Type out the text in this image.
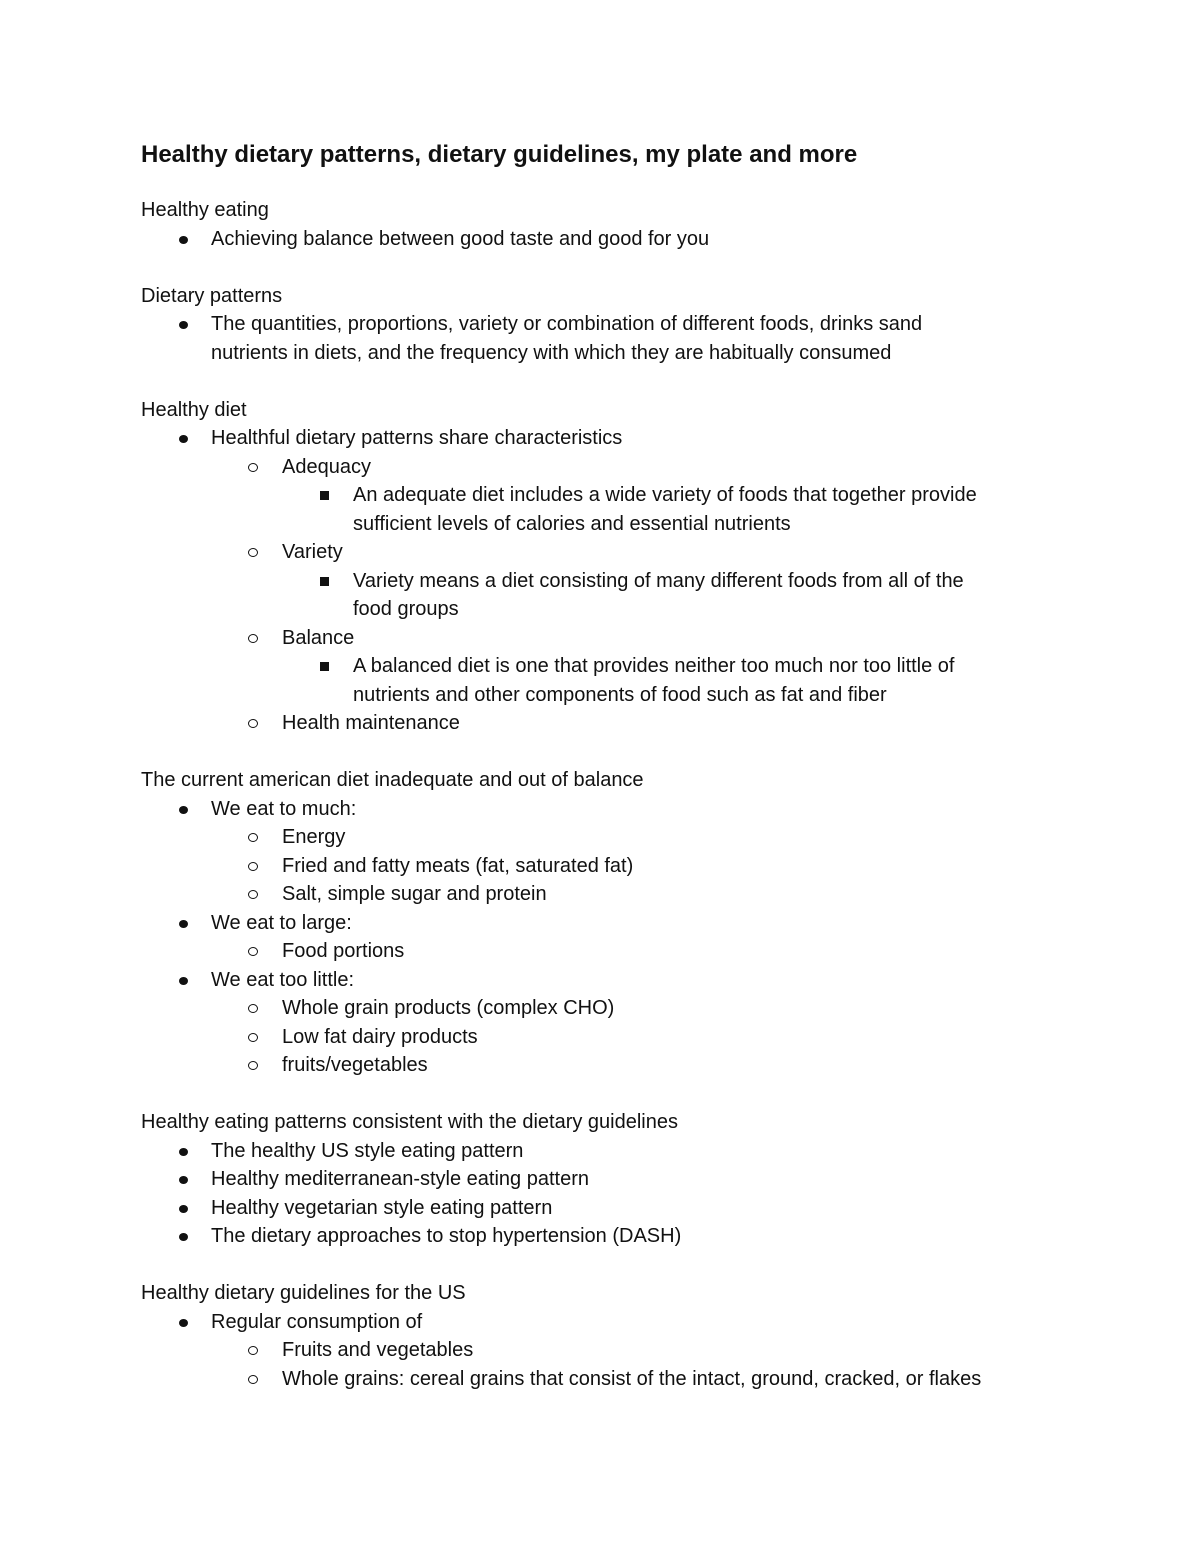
Healthy dietary patterns, dietary guidelines, my plate and more

Healthy eating

Achieving balance between good taste and good for you

Dietary patterns

The quantities, proportions, variety or combination of different foods, drinks sand
nutrients in diets, and the frequency with which they are habitually consumed

Healthy diet

Healthful dietary patterns share characteristics
Adequacy
An adequate diet includes a wide variety of foods that together provide
sufficient levels of calories and essential nutrients
Variety
Variety means a diet consisting of many different foods from all of the
food groups
Balance
A balanced diet is one that provides neither too much nor too little of
nutrients and other components of food such as fat and fiber
Health maintenance

The current american diet inadequate and out of balance

We eat to much:
Energy
Fried and fatty meats (fat, saturated fat)
Salt, simple sugar and protein
We eat to large:
Food portions
We eat too little:
Whole grain products (complex CHO)
Low fat dairy products
fruits/vegetables

Healthy eating patterns consistent with the dietary guidelines

The healthy US style eating pattern
Healthy mediterranean-style eating pattern
Healthy vegetarian style eating pattern
The dietary approaches to stop hypertension (DASH)

Healthy dietary guidelines for the US

Regular consumption of
Fruits and vegetables
Whole grains: cereal grains that consist of the intact, ground, cracked, or flakes
